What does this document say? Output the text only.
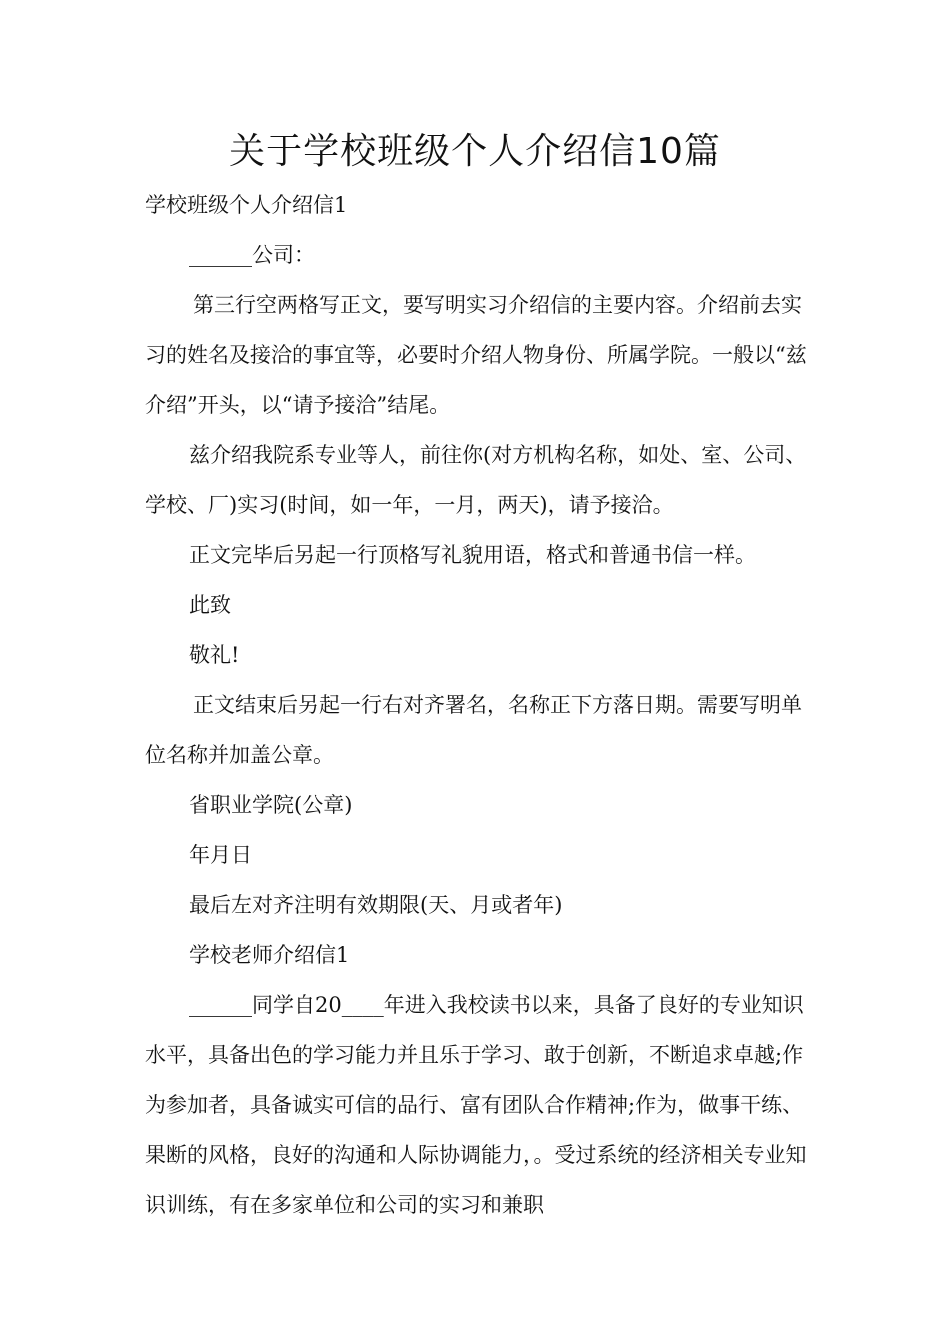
关于学校班级个人介绍信10篇

学校班级个人介绍信1

______公司：

第三行空两格写正文，要写明实习介绍信的主要内容。介绍前去实习的姓名及接洽的事宜等，必要时介绍人物身份、所属学院。一般以“兹介绍”开头，以“请予接洽”结尾。

兹介绍我院系专业等人，前往你(对方机构名称，如处、室、公司、学校、厂)实习(时间，如一年，一月，两天)，请予接洽。

正文完毕后另起一行顶格写礼貌用语，格式和普通书信一样。

此致

敬礼!

正文结束后另起一行右对齐署名，名称正下方落日期。需要写明单位名称并加盖公章。

省职业学院(公章)

年月日

最后左对齐注明有效期限(天、月或者年)

学校老师介绍信1

______同学自20____年进入我校读书以来，具备了良好的专业知识水平，具备出色的学习能力并且乐于学习、敢于创新，不断追求卓越;作为参加者，具备诚实可信的品行、富有团队合作精神;作为，做事干练、果断的风格，良好的沟通和人际协调能力，。受过系统的经济相关专业知识训练，有在多家单位和公司的实习和兼职
